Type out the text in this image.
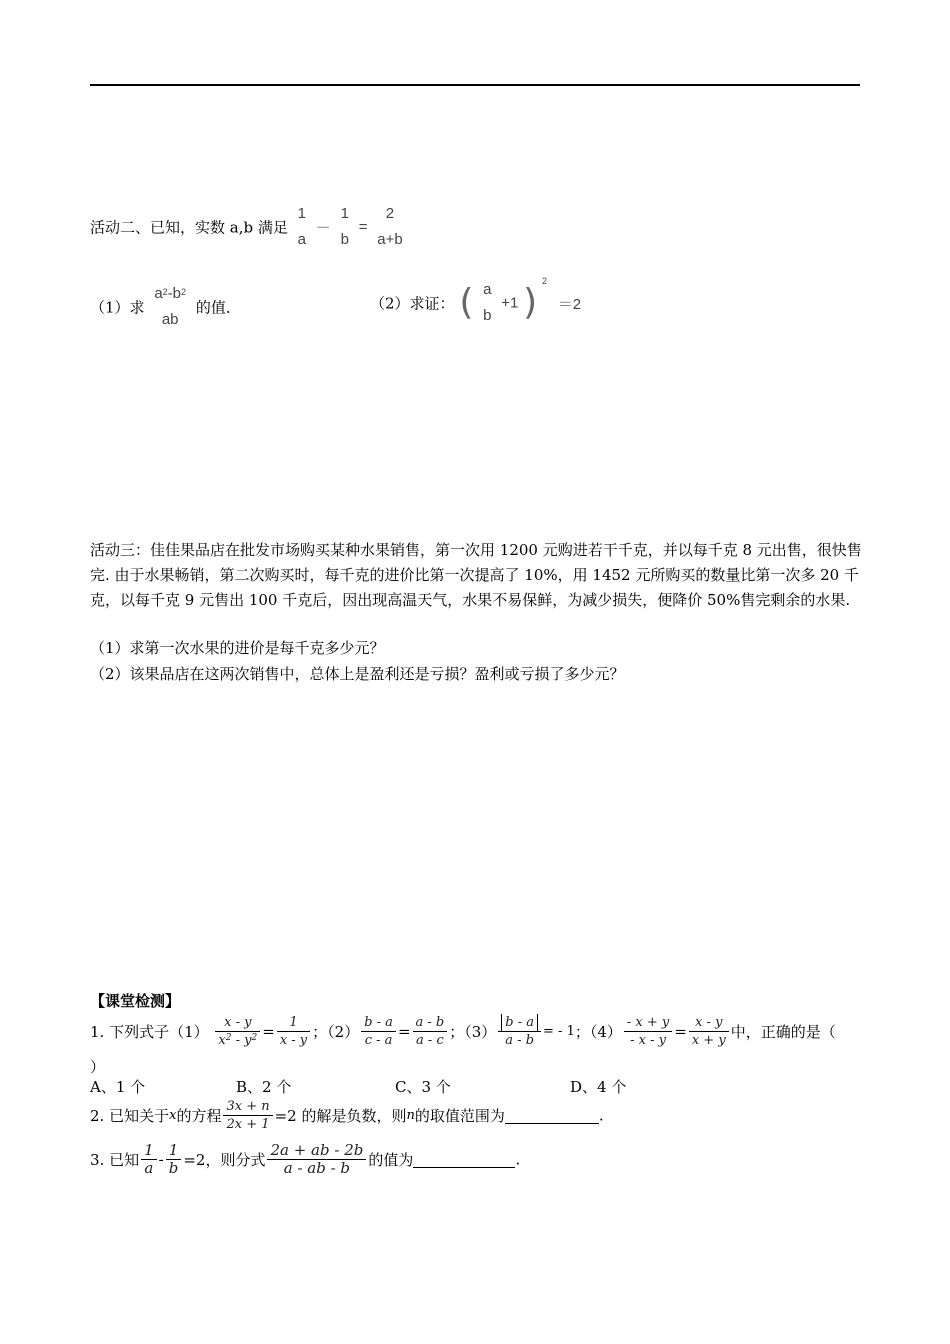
活动二、已知，实数 a,b 满足
1
a
－
1
b
=
2
a+b
（1）求
$a^2-b^2$
ab
的值．	（2）求证： ( a
b
+1 ) $^2$ ＝2
活动三：佳佳果品店在批发市场购买某种水果销售，第一次用 1200 元购进若干千克，并以每千克 8 元出售，很快售完. 由于水果畅销，第二次购买时，每千克的进价比第一次提高了 10%，用 1452 元所购买的数量比第一次多 20 千克，以每千克 9 元售出 100 千克后，因出现高温天气，水果不易保鲜，为减少损失，便降价 50%售完剩余的水果.
（1）求第一次水果的进价是每千克多少元？
（2）该果品店在这两次销售中，总体上是盈利还是亏损？盈利或亏损了多少元？
【课堂检测】
1. 下列式子$(1) \frac{x - y}{x^2 - y^2} = \frac{1}{x - y}$ ；$(2) \frac{b - a}{c - a} = \frac{a - b}{a - c}$ ；$(3) \frac{b - a}{a - b}$ = - 1；$(4) \frac{- x + y}{- x - y} = \frac{x - y}{x + y}$ 中，正确的是（
）
A、1 个	B、2 个	C、3 个	D、4 个
2. 已知关于x的方程 $\frac{3x + n}{2x + 1} =2$ 的解是负数，则n的取值范围为	.
3. 已知 $\frac{1}{a} - \frac{1}{b} =2$，则分式 $\frac{2a + ab - 2b}{a - ab - b}$ 的值为	.
